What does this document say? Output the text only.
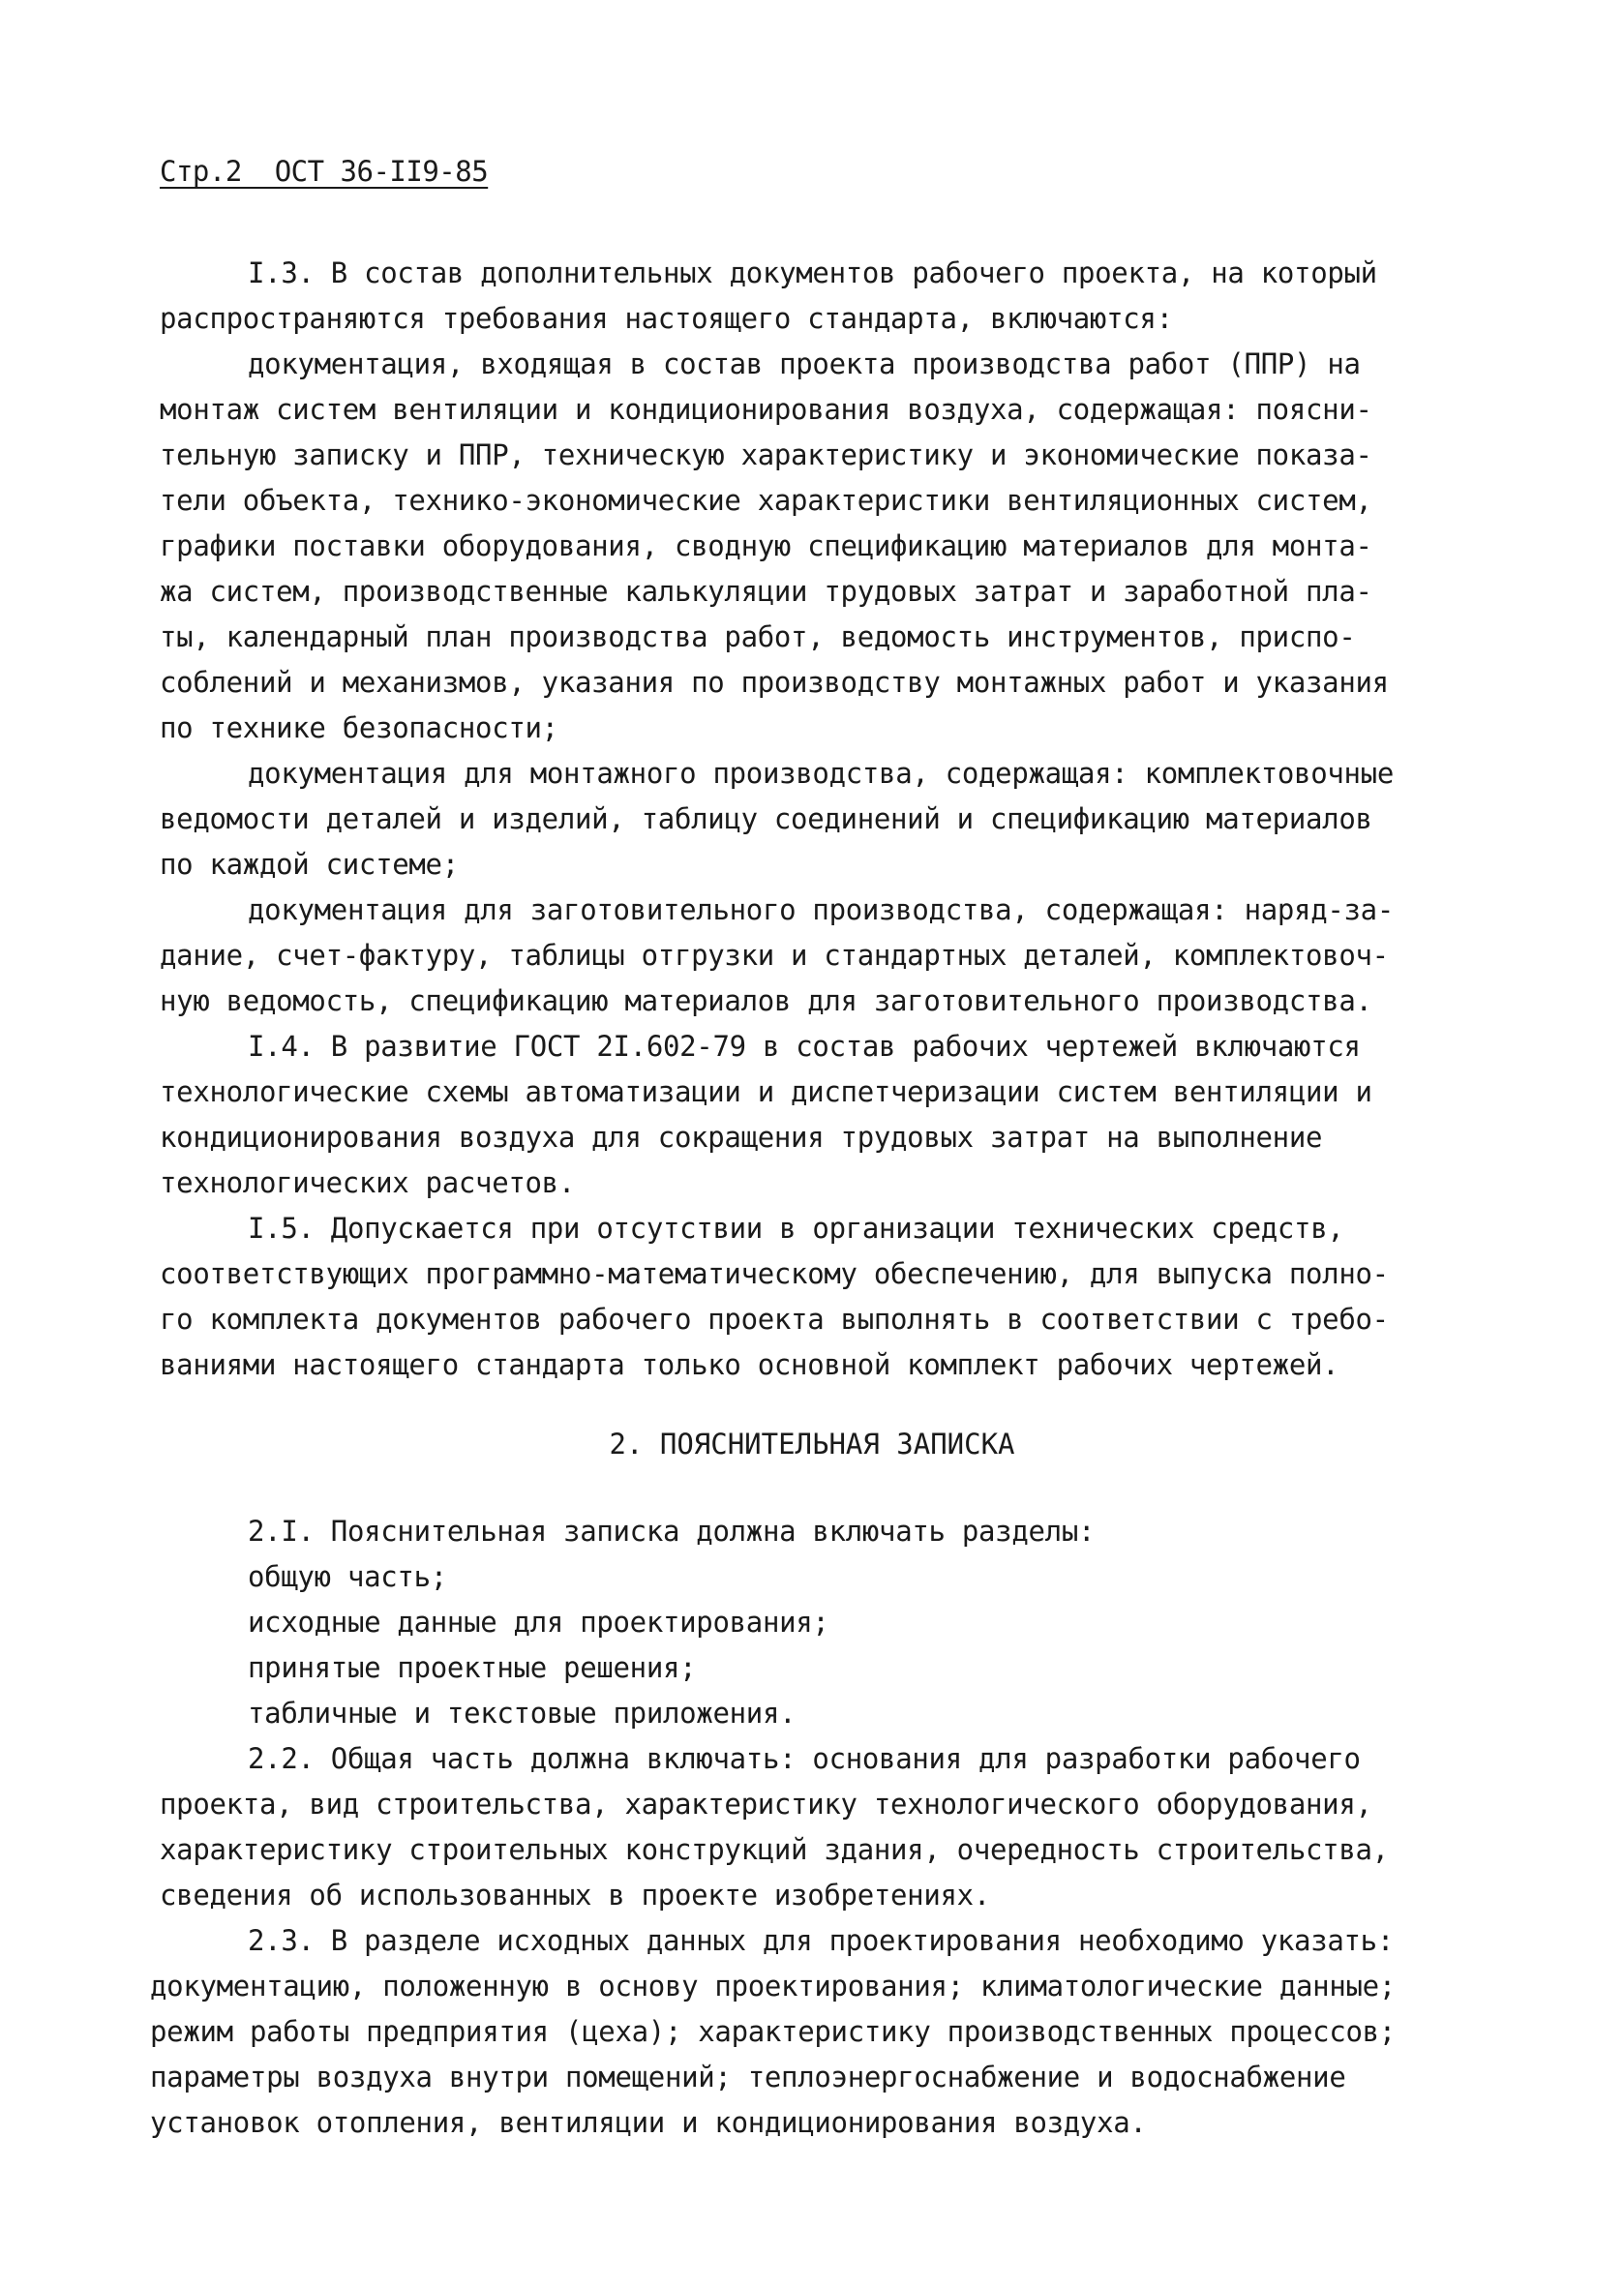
Стр.2  ОСТ 36-II9-85
I.3. В состав дополнительных документов рабочего проекта, на который
распространяются требования настоящего стандарта, включаются:
документация, входящая в состав проекта производства работ (ППР) на
монтаж систем вентиляции и кондиционирования воздуха, содержащая: поясни-
тельную записку и ППР, техническую характеристику и экономические показа-
тели объекта, технико-экономические характеристики вентиляционных систем,
графики поставки оборудования, сводную спецификацию материалов для монта-
жа систем, производственные калькуляции трудовых затрат и заработной пла-
ты, календарный план производства работ, ведомость инструментов, приспо-
соблений и механизмов, указания по производству монтажных работ и указания
по технике безопасности;
документация для монтажного производства, содержащая: комплектовочные
ведомости деталей и изделий, таблицу соединений и спецификацию материалов
по каждой системе;
документация для заготовительного производства, содержащая: наряд-за-
дание, счет-фактуру, таблицы отгрузки и стандартных деталей, комплектовоч-
ную ведомость, спецификацию материалов для заготовительного производства.
I.4. В развитие ГОСТ 2I.602-79 в состав рабочих чертежей включаются
технологические схемы автоматизации и диспетчеризации систем вентиляции и
кондиционирования воздуха для сокращения трудовых затрат на выполнение
технологических расчетов.
I.5. Допускается при отсутствии в организации технических средств,
соответствующих программно-математическому обеспечению, для выпуска полно-
го комплекта документов рабочего проекта выполнять в соответствии с требо-
ваниями настоящего стандарта только основной комплект рабочих чертежей.
2. ПОЯСНИТЕЛЬНАЯ ЗАПИСКА
2.I. Пояснительная записка должна включать разделы:
общую часть;
исходные данные для проектирования;
принятые проектные решения;
табличные и текстовые приложения.
2.2. Общая часть должна включать: основания для разработки рабочего
проекта, вид строительства, характеристику технологического оборудования,
характеристику строительных конструкций здания, очередность строительства,
сведения об использованных в проекте изобретениях.
2.3. В разделе исходных данных для проектирования необходимо указать:
документацию, положенную в основу проектирования; климатологические данные;
режим работы предприятия (цеха); характеристику производственных процессов;
параметры воздуха внутри помещений; теплоэнергоснабжение и водоснабжение
установок отопления, вентиляции и кондиционирования воздуха.
